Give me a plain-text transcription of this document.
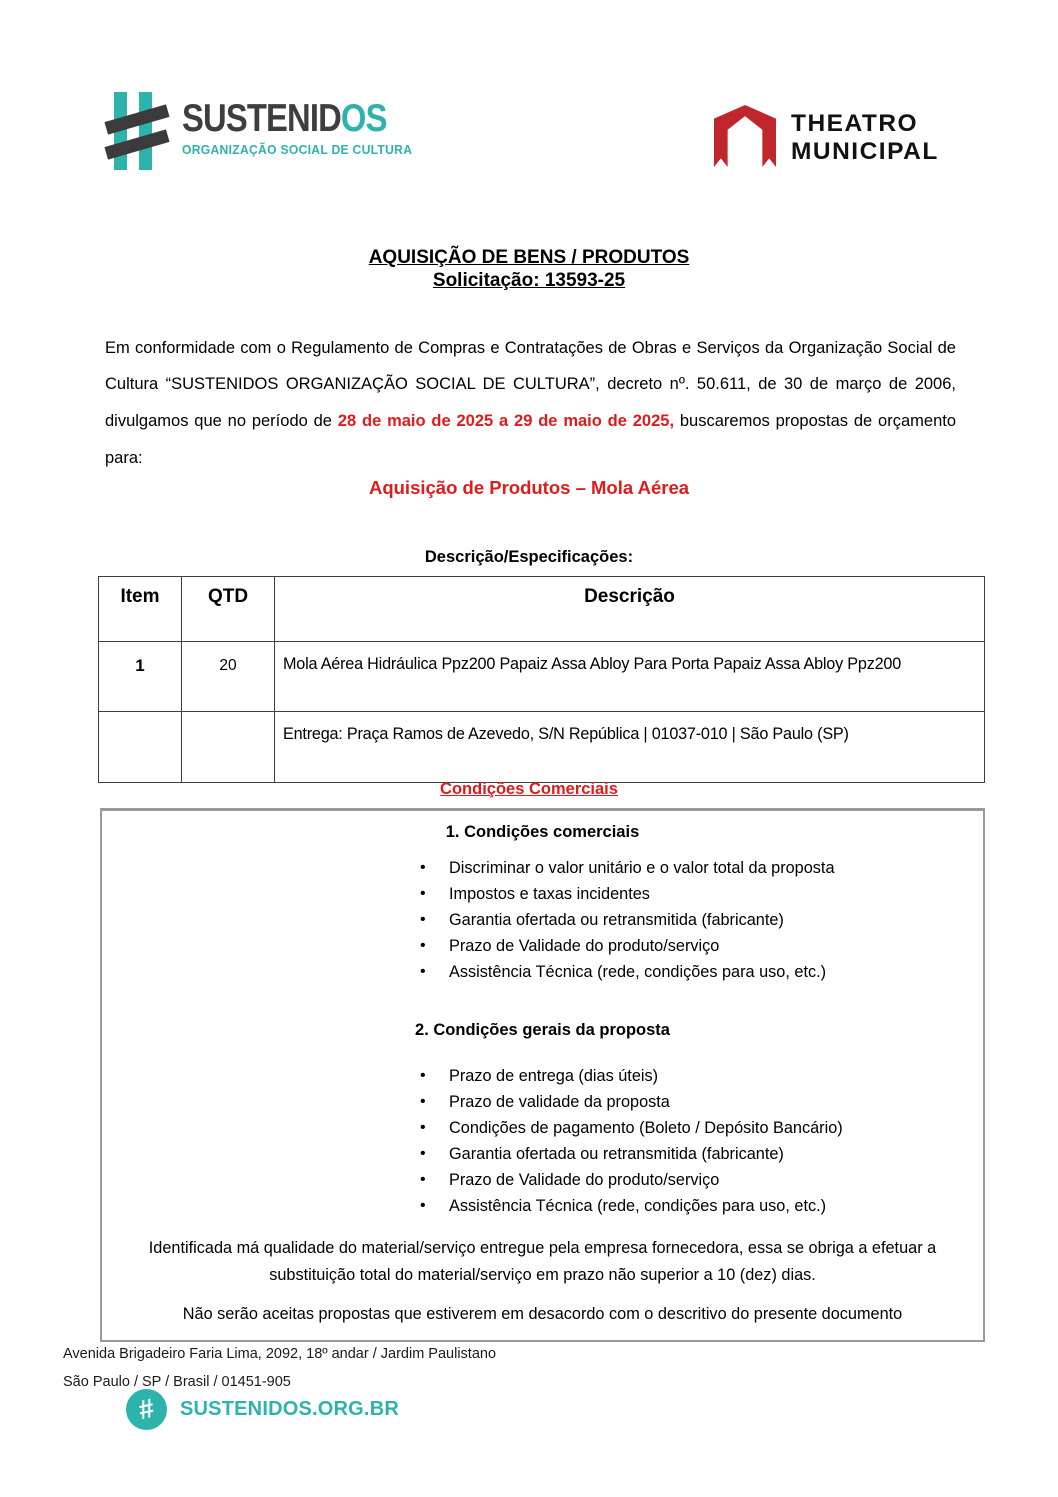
SUSTENIDOS
ORGANIZAÇÃO SOCIAL DE CULTURA
THEATRO
MUNICIPAL
AQUISIÇÃO DE BENS / PRODUTOS
Solicitação: 13593-25

Em conformidade com o Regulamento de Compras e Contratações de Obras e Serviços da Organização Social de Cultura “SUSTENIDOS ORGANIZAÇÃO SOCIAL DE CULTURA”, decreto nº. 50.611, de 30 de março de 2006, divulgamos que no período de 28 de maio de 2025 a 29 de maio de 2025, buscaremos propostas de orçamento para:

Aquisição de Produtos – Mola Aérea
Descrição/Especificações:
Item	QTD	Descrição
1	20	Mola Aérea Hidráulica Ppz200 Papaiz Assa Abloy Para Porta Papaiz Assa Abloy Ppz200
		Entrega: Praça Ramos de Azevedo, S/N República | 01037-010 | São Paulo (SP)
Condições Comerciais
1. Condições comerciais
• Discriminar o valor unitário e o valor total da proposta
• Impostos e taxas incidentes
• Garantia ofertada ou retransmitida (fabricante)
• Prazo de Validade do produto/serviço
• Assistência Técnica (rede, condições para uso, etc.)
2. Condições gerais da proposta
• Prazo de entrega (dias úteis)
• Prazo de validade da proposta
• Condições de pagamento (Boleto / Depósito Bancário)
• Garantia ofertada ou retransmitida (fabricante)
• Prazo de Validade do produto/serviço
• Assistência Técnica (rede, condições para uso, etc.)
Identificada má qualidade do material/serviço entregue pela empresa fornecedora, essa se obriga a efetuar a substituição total do material/serviço em prazo não superior a 10 (dez) dias.
Não serão aceitas propostas que estiverem em desacordo com o descritivo do presente documento
Avenida Brigadeiro Faria Lima, 2092, 18º andar / Jardim Paulistano
São Paulo / SP / Brasil / 01451-905
# SUSTENIDOS.ORG.BR
